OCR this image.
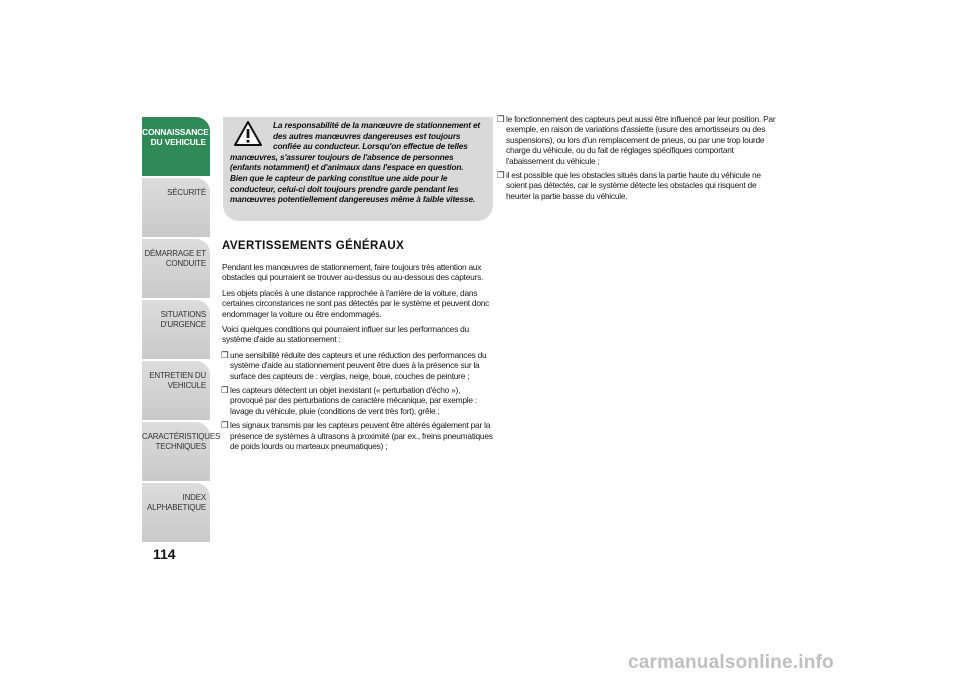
CONNAISSANCE
DU VEHICULE
SÉCURITÉ
DÉMARRAGE ET
CONDUITE
SITUATIONS
D'URGENCE
ENTRETIEN DU
VEHICULE
CARACTÉRISTIQUES
TECHNIQUES
INDEX
ALPHABETIQUE
114
La responsabilité de la manœuvre de stationnement et
des autres manœuvres dangereuses est toujours
confiée au conducteur. Lorsqu'on effectue de telles
manœuvres, s'assurer toujours de l'absence de personnes
(enfants notamment) et d'animaux dans l'espace en question.
Bien que le capteur de parking constitue une aide pour le
conducteur, celui-ci doit toujours prendre garde pendant les
manœuvres potentiellement dangereuses même à faible vitesse.
AVERTISSEMENTS GÉNÉRAUX

Pendant les manœuvres de stationnement, faire toujours très attention aux obstacles qui pourraient se trouver au-dessus ou au-dessous des capteurs.

Les objets placés à une distance rapprochée à l'arrière de la voiture, dans certaines circonstances ne sont pas détectés par le système et peuvent donc endommager la voiture ou être endommagés.

Voici quelques conditions qui pourraient influer sur les performances du système d'aide au stationnement :

❒ une sensibilité réduite des capteurs et une réduction des performances du système d'aide au stationnement peuvent être dues à la présence sur la surface des capteurs de : verglas, neige, boue, couches de peinture ;
❒ les capteurs détectent un objet inexistant (« perturbation d'écho »), provoqué par des perturbations de caractère mécanique, par exemple : lavage du véhicule, pluie (conditions de vent très fort), grêle ;
❒ les signaux transmis par les capteurs peuvent être altérés également par la présence de systèmes à ultrasons à proximité (par ex., freins pneumatiques de poids lourds ou marteaux pneumatiques) ;
❒ le fonctionnement des capteurs peut aussi être influencé par leur position. Par exemple, en raison de variations d'assiette (usure des amortisseurs ou des suspensions), ou lors d'un remplacement de pneus, ou par une trop lourde charge du véhicule, ou du fait de réglages spécifiques comportant l'abaissement du véhicule ;
❒ il est possible que les obstacles situés dans la partie haute du véhicule ne soient pas détectés, car le système détecte les obstacles qui risquent de heurter la partie basse du véhicule.
carmanualsonline.info
